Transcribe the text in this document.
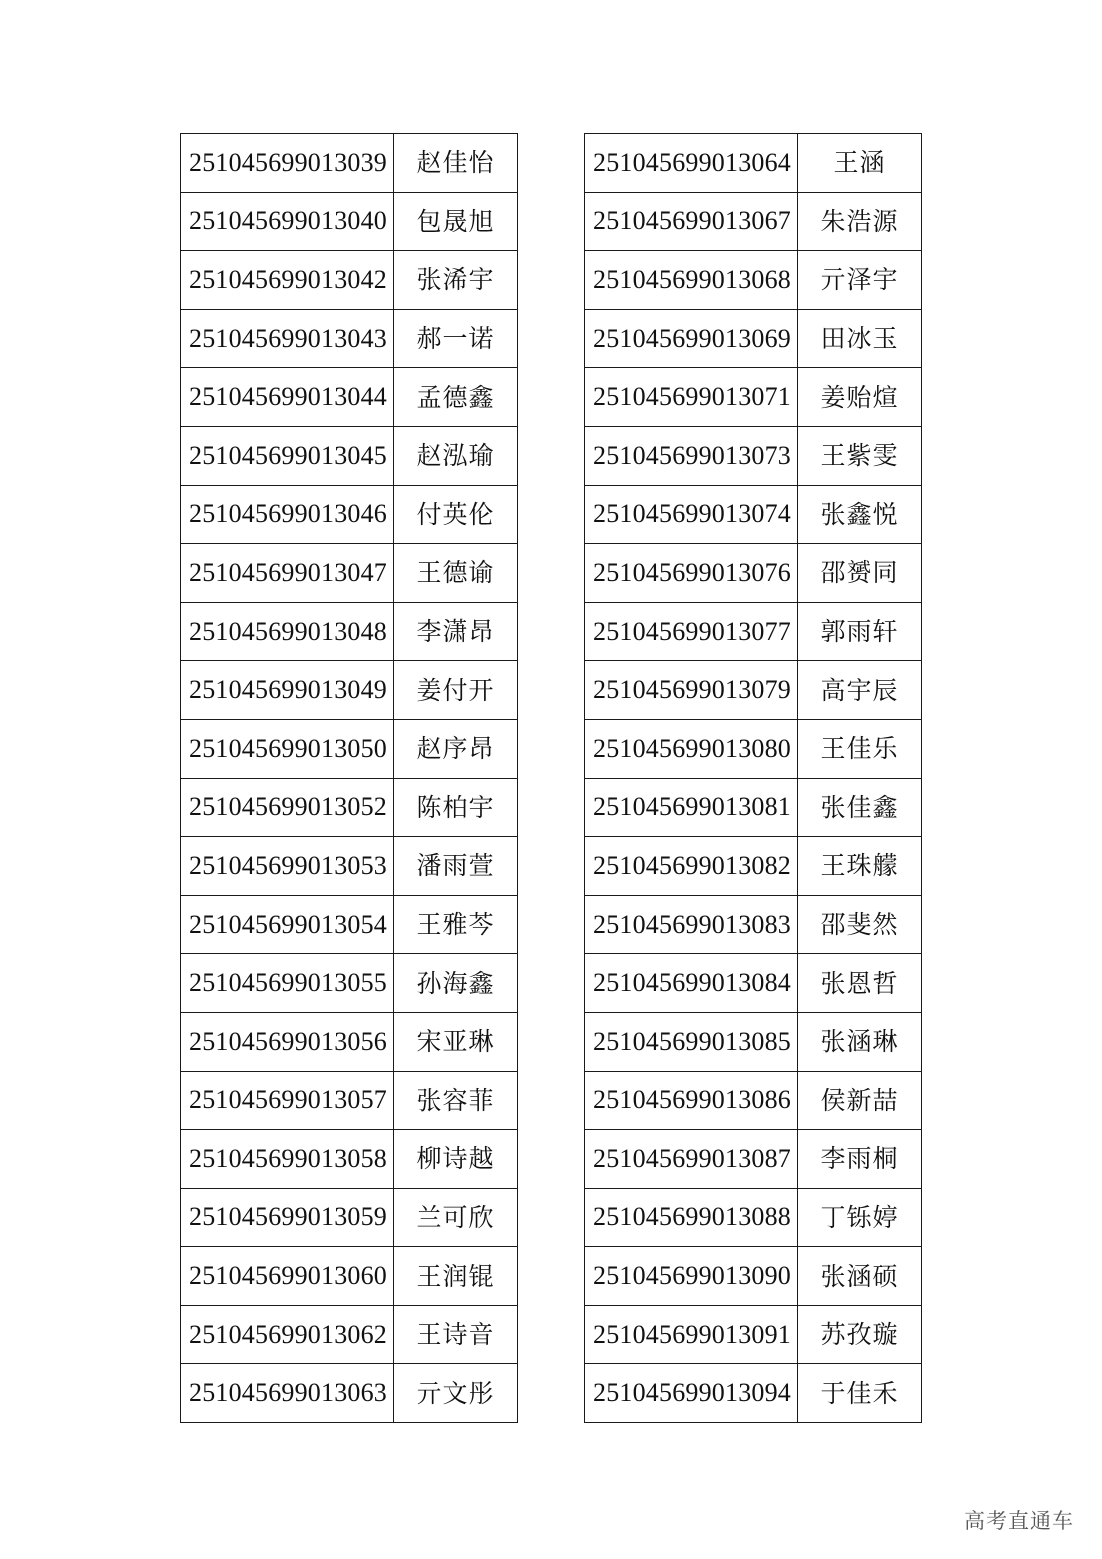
251045699013039	赵佳怡
251045699013040	包晟旭
251045699013042	张浠宇
251045699013043	郝一诺
251045699013044	孟德鑫
251045699013045	赵泓瑜
251045699013046	付英伦
251045699013047	王德谕
251045699013048	李潇昂
251045699013049	姜付开
251045699013050	赵序昂
251045699013052	陈柏宇
251045699013053	潘雨萱
251045699013054	王雅芩
251045699013055	孙海鑫
251045699013056	宋亚琳
251045699013057	张容菲
251045699013058	柳诗越
251045699013059	兰可欣
251045699013060	王润锟
251045699013062	王诗音
251045699013063	亓文彤
251045699013064	王涵
251045699013067	朱浩源
251045699013068	亓泽宇
251045699013069	田冰玉
251045699013071	姜贻煊
251045699013073	王紫雯
251045699013074	张鑫悦
251045699013076	邵赟同
251045699013077	郭雨轩
251045699013079	高宇辰
251045699013080	王佳乐
251045699013081	张佳鑫
251045699013082	王珠艨
251045699013083	邵斐然
251045699013084	张恩哲
251045699013085	张涵琳
251045699013086	侯新喆
251045699013087	李雨桐
251045699013088	丁铄婷
251045699013090	张涵硕
251045699013091	苏孜璇
251045699013094	于佳禾
高考直通车
